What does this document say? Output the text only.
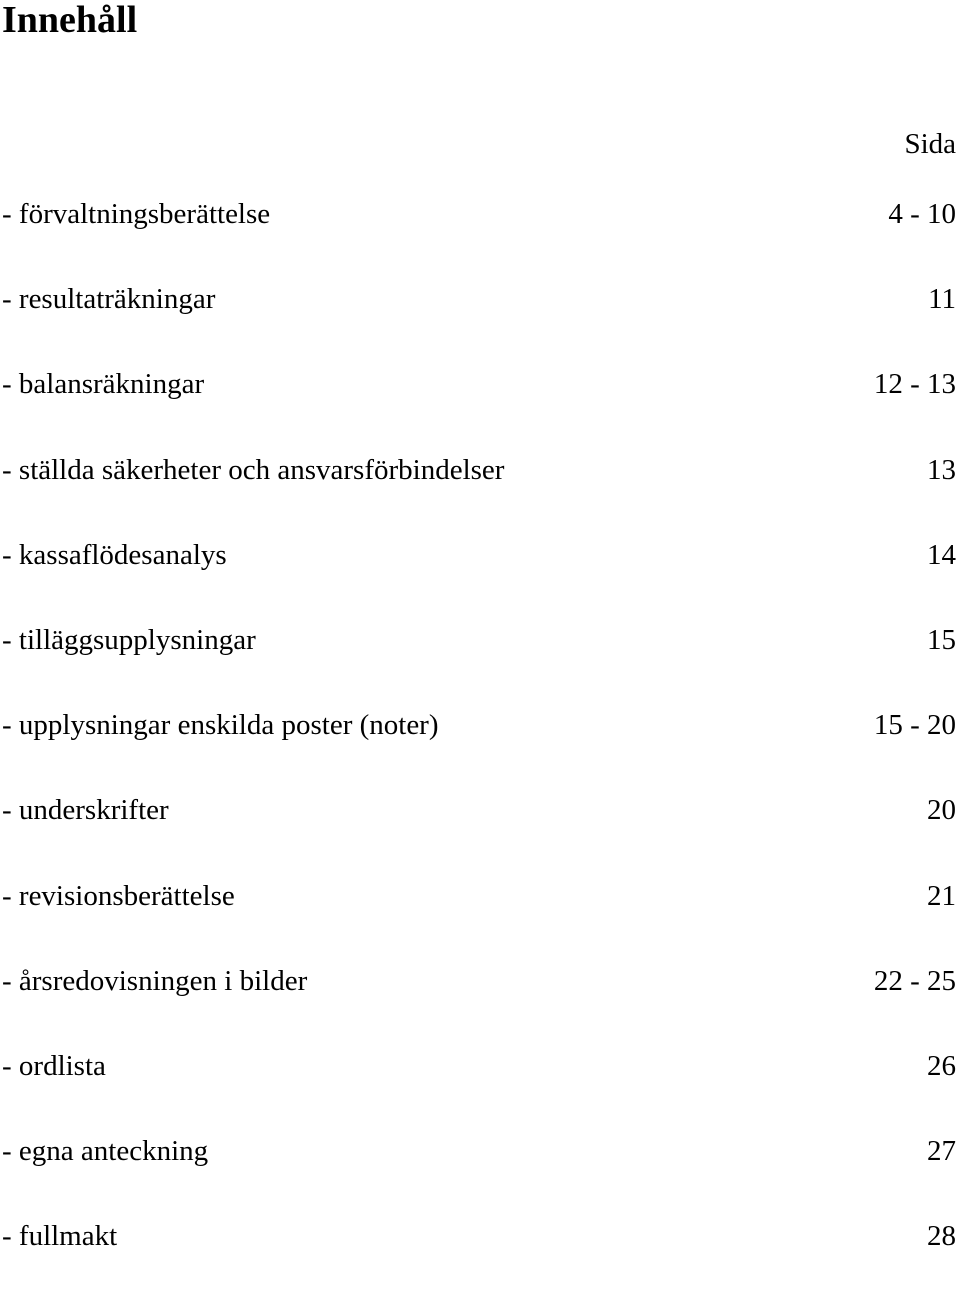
Innehåll
Sida
- förvaltningsberättelse	4 - 10
- resultaträkningar	11
- balansräkningar	12 - 13
- ställda säkerheter och ansvarsförbindelser	13
- kassaflödesanalys	14
- tilläggsupplysningar	15
- upplysningar enskilda poster (noter)	15 - 20
- underskrifter	20
- revisionsberättelse	21
- årsredovisningen i bilder	22 - 25
- ordlista	26
- egna anteckning	27
- fullmakt	28
